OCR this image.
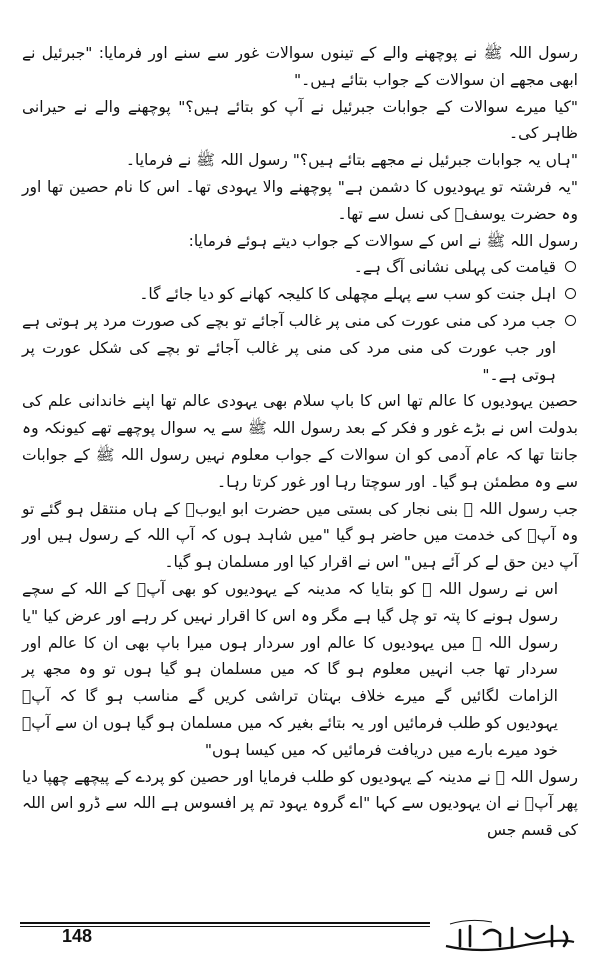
رسول اللہ ﷺ نے پوچھنے والے کے تینوں سوالات غور سے سنے اور فرمایا: "جبرئیل نے ابھی مجھے ان سوالات کے جواب بتائے ہیں۔"

"کیا میرے سوالات کے جوابات جبرئیل نے آپ کو بتائے ہیں؟" پوچھنے والے نے حیرانی ظاہر کی۔

"ہاں یہ جوابات جبرئیل نے مجھے بتائے ہیں؟" رسول اللہ ﷺ نے فرمایا۔

"یہ فرشتہ تو یہودیوں کا دشمن ہے" پوچھنے والا یہودی تھا۔ اس کا نام حصین تھا اور وہ حضرت یوسفؑ کی نسل سے تھا۔

رسول اللہ ﷺ نے اس کے سوالات کے جواب دیتے ہوئے فرمایا:

قیامت کی پہلی نشانی آگ ہے۔

اہل جنت کو سب سے پہلے مچھلی کا کلیجہ کھانے کو دیا جائے گا۔

جب مرد کی منی عورت کی منی پر غالب آجائے تو بچے کی صورت مرد پر ہوتی ہے اور جب عورت کی منی مرد کی منی پر غالب آجائے تو بچے کی شکل عورت پر ہوتی ہے۔"

حصین یہودیوں کا عالم تھا اس کا باپ سلام بھی یہودی عالم تھا اپنے خاندانی علم کی بدولت اس نے بڑے غور و فکر کے بعد رسول اللہ ﷺ سے یہ سوال پوچھے تھے کیونکہ وہ جانتا تھا کہ عام آدمی کو ان سوالات کے جواب معلوم نہیں رسول اللہ ﷺ کے جوابات سے وہ مطمئن ہو گیا۔ اور سوچتا رہا اور غور کرتا رہا۔

جب رسول اللہ ﷺ بنی نجار کی بستی میں حضرت ابو ایوبؓ کے ہاں منتقل ہو گئے تو وہ آپؐ کی خدمت میں حاضر ہو گیا "میں شاہد ہوں کہ آپ اللہ کے رسول ہیں اور آپ دین حق لے کر آئے ہیں" اس نے اقرار کیا اور مسلمان ہو گیا۔

اس نے رسول اللہ ﷺ کو بتایا کہ مدینہ کے یہودیوں کو بھی آپؐ کے اللہ کے سچے رسول ہونے کا پتہ تو چل گیا ہے مگر وہ اس کا اقرار نہیں کر رہے اور عرض کیا "یا رسول اللہ ﷺ میں یہودیوں کا عالم اور سردار ہوں میرا باپ بھی ان کا عالم اور سردار تھا جب انہیں معلوم ہو گا کہ میں مسلمان ہو گیا ہوں تو وہ مجھ پر الزامات لگائیں گے میرے خلاف بہتان تراشی کریں گے مناسب ہو گا کہ آپؐ یہودیوں کو طلب فرمائیں اور یہ بتائے بغیر کہ میں مسلمان ہو گیا ہوں ان سے آپؐ خود میرے بارے میں دریافت فرمائیں کہ میں کیسا ہوں"

رسول اللہ ﷺ نے مدینہ کے یہودیوں کو طلب فرمایا اور حصین کو پردے کے پیچھے چھپا دیا پھر آپؐ نے ان یہودیوں سے کہا "اے گروہ یہود تم پر افسوس ہے اللہ سے ڈرو اس اللہ کی قسم جس

148
